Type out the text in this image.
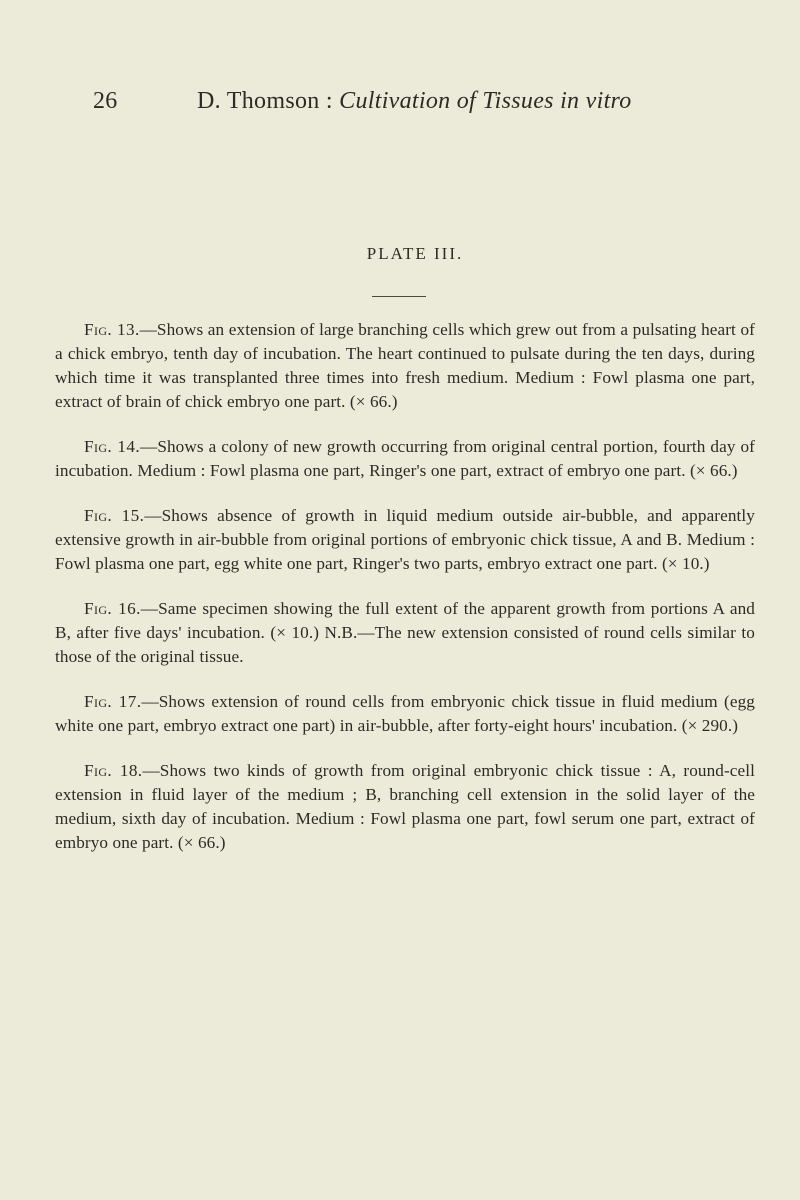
26	D. Thomson : Cultivation of Tissues in vitro
PLATE III.

Fig. 13.—Shows an extension of large branching cells which grew out from a pulsating heart of a chick embryo, tenth day of incubation. The heart continued to pulsate during the ten days, during which time it was transplanted three times into fresh medium. Medium : Fowl plasma one part, extract of brain of chick embryo one part. (× 66.)

Fig. 14.—Shows a colony of new growth occurring from original central portion, fourth day of incubation. Medium : Fowl plasma one part, Ringer's one part, extract of embryo one part. (× 66.)

Fig. 15.—Shows absence of growth in liquid medium outside air-bubble, and apparently extensive growth in air-bubble from original portions of embryonic chick tissue, A and B. Medium : Fowl plasma one part, egg white one part, Ringer's two parts, embryo extract one part. (× 10.)

Fig. 16.—Same specimen showing the full extent of the apparent growth from portions A and B, after five days' incubation. (× 10.) N.B.—The new extension consisted of round cells similar to those of the original tissue.

Fig. 17.—Shows extension of round cells from embryonic chick tissue in fluid medium (egg white one part, embryo extract one part) in air-bubble, after forty-eight hours' incubation. (× 290.)

Fig. 18.—Shows two kinds of growth from original embryonic chick tissue : A, round-cell extension in fluid layer of the medium ; B, branching cell extension in the solid layer of the medium, sixth day of incubation. Medium : Fowl plasma one part, fowl serum one part, extract of embryo one part. (× 66.)
